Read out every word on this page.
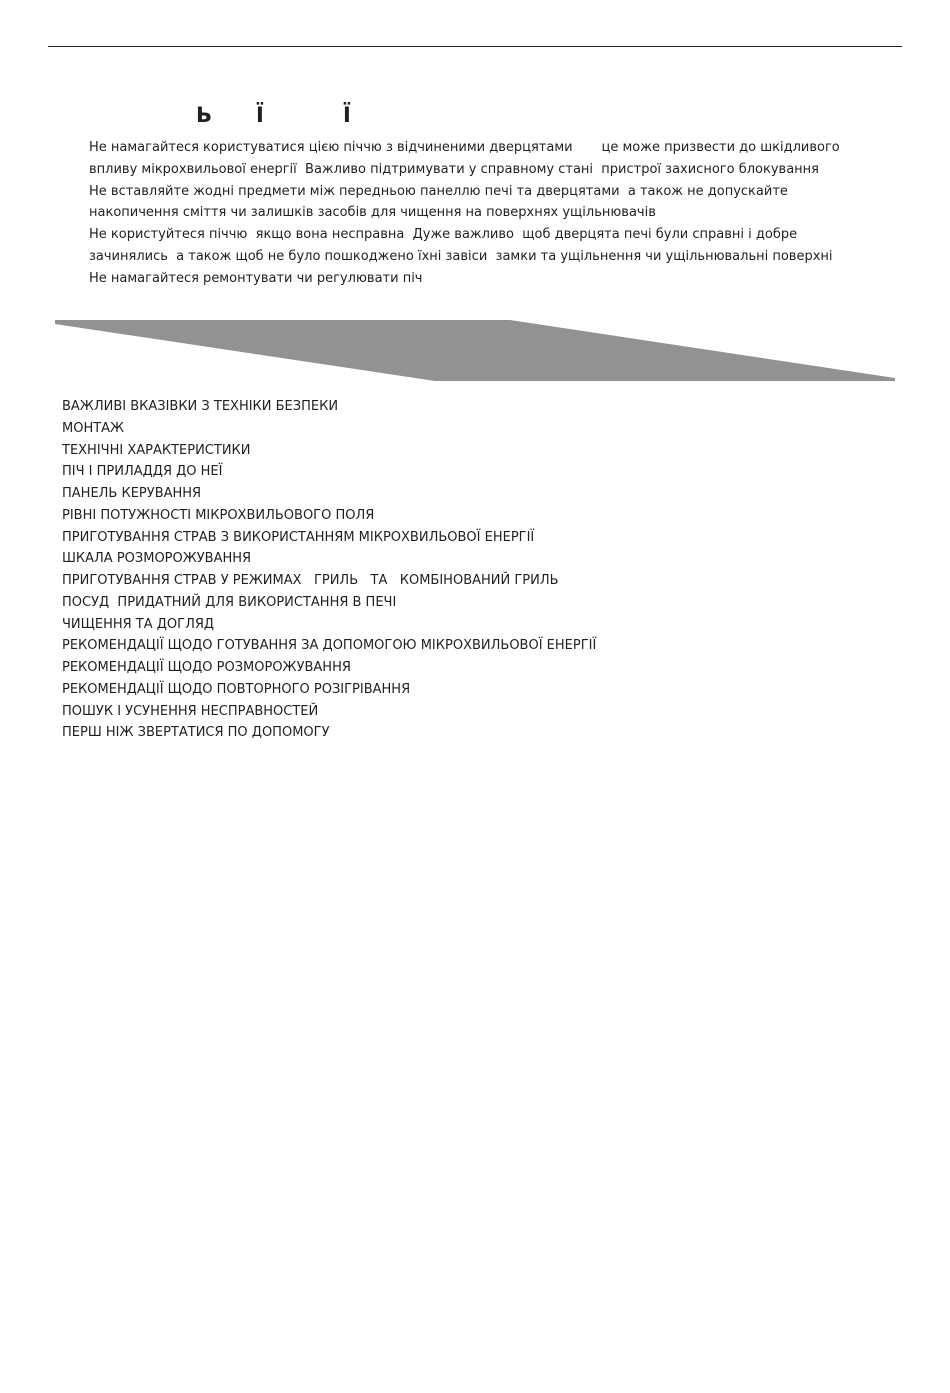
Ь Ї	Ї
Не намагайтеся користуватися цією піччю з відчиненими дверцятами       це може призвести до шкідливого
впливу мікрохвильової енергії  Важливо підтримувати у справному стані  пристрої захисного блокування
Не вставляйте жодні предмети між передньою панеллю печі та дверцятами  а також не допускайте
накопичення сміття чи залишків засобів для чищення на поверхнях ущільнювачів
Не користуйтеся піччю  якщо вона несправна  Дуже важливо  щоб дверцята печі були справні і добре
зачинялись  а також щоб не було пошкоджено їхні завіси  замки та ущільнення чи ущільнювальні поверхні
Не намагайтеся ремонтувати чи регулювати піч
ВАЖЛИВІ ВКАЗІВКИ З ТЕХНІКИ БЕЗПЕКИ
МОНТАЖ
ТЕХНІЧНІ ХАРАКТЕРИСТИКИ
ПІЧ І ПРИЛАДДЯ ДО НЕЇ
ПАНЕЛЬ КЕРУВАННЯ
РІВНІ ПОТУЖНОСТІ МІКРОХВИЛЬОВОГО ПОЛЯ
ПРИГОТУВАННЯ СТРАВ З ВИКОРИСТАННЯМ МІКРОХВИЛЬОВОЇ ЕНЕРГІЇ
ШКАЛА РОЗМОРОЖУВАННЯ
ПРИГОТУВАННЯ СТРАВ У РЕЖИМАХ   ГРИЛЬ   ТА   КОМБІНОВАНИЙ ГРИЛЬ
ПОСУД  ПРИДАТНИЙ ДЛЯ ВИКОРИСТАННЯ В ПЕЧІ
ЧИЩЕННЯ ТА ДОГЛЯД
РЕКОМЕНДАЦІЇ ЩОДО ГОТУВАННЯ ЗА ДОПОМОГОЮ МІКРОХВИЛЬОВОЇ ЕНЕРГІЇ
РЕКОМЕНДАЦІЇ ЩОДО РОЗМОРОЖУВАННЯ
РЕКОМЕНДАЦІЇ ЩОДО ПОВТОРНОГО РОЗІГРІВАННЯ
ПОШУК І УСУНЕННЯ НЕСПРАВНОСТЕЙ
ПЕРШ НІЖ ЗВЕРТАТИСЯ ПО ДОПОМОГУ
